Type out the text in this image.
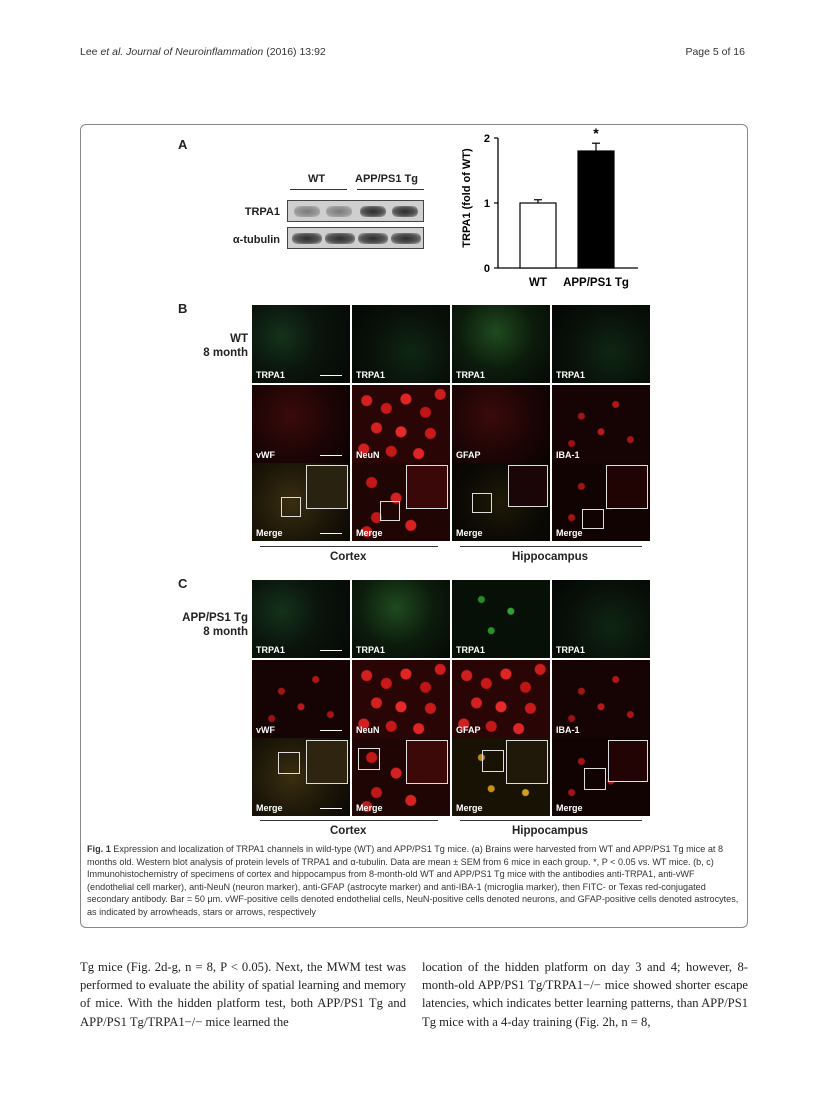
Lee et al. Journal of Neuroinflammation (2016) 13:92	Page 5 of 16
A
WT	APP/PS1 Tg
TRPA1
α-tubulin	TRPA1 (fold of WT)
0
1
2
WT APP/PS1 Tg
*
B
WT
8 month
TRPA1	TRPA1	TRPA1	TRPA1
vWF	NeuN	GFAP	IBA-1
Merge	Merge	Merge	Merge
Cortex	Hippocampus
C
APP/PS1 Tg
8 month
TRPA1	TRPA1	TRPA1	TRPA1
vWF	NeuN	GFAP	IBA-1
Merge	Merge	Merge	Merge
Cortex	Hippocampus
Fig. 1 Expression and localization of TRPA1 channels in wild-type (WT) and APP/PS1 Tg mice. (a) Brains were harvested from WT and APP/PS1 Tg mice at 8 months old. Western blot analysis of protein levels of TRPA1 and α-tubulin. Data are mean ± SEM from 6 mice in each group. *, P < 0.05 vs. WT mice. (b, c) Immunohistochemistry of specimens of cortex and hippocampus from 8-month-old WT and APP/PS1 Tg mice with the antibodies anti-TRPA1, anti-vWF (endothelial cell marker), anti-NeuN (neuron marker), anti-GFAP (astrocyte marker) and anti-IBA-1 (microglia marker), then FITC- or Texas red-conjugated secondary antibody. Bar = 50 μm. vWF-positive cells denoted endothelial cells, NeuN-positive cells denoted neurons, and GFAP-positive cells denoted astrocytes, as indicated by arrowheads, stars or arrows, respectively
Tg mice (Fig. 2d-g, n = 8, P < 0.05). Next, the MWM test was performed to evaluate the ability of spatial learning and memory of mice. With the hidden platform test, both APP/PS1 Tg and APP/PS1 Tg/TRPA1−/− mice learned the
location of the hidden platform on day 3 and 4; however, 8-month-old APP/PS1 Tg/TRPA1−/− mice showed shorter escape latencies, which indicates better learning patterns, than APP/PS1 Tg mice with a 4-day training (Fig. 2h, n = 8,
